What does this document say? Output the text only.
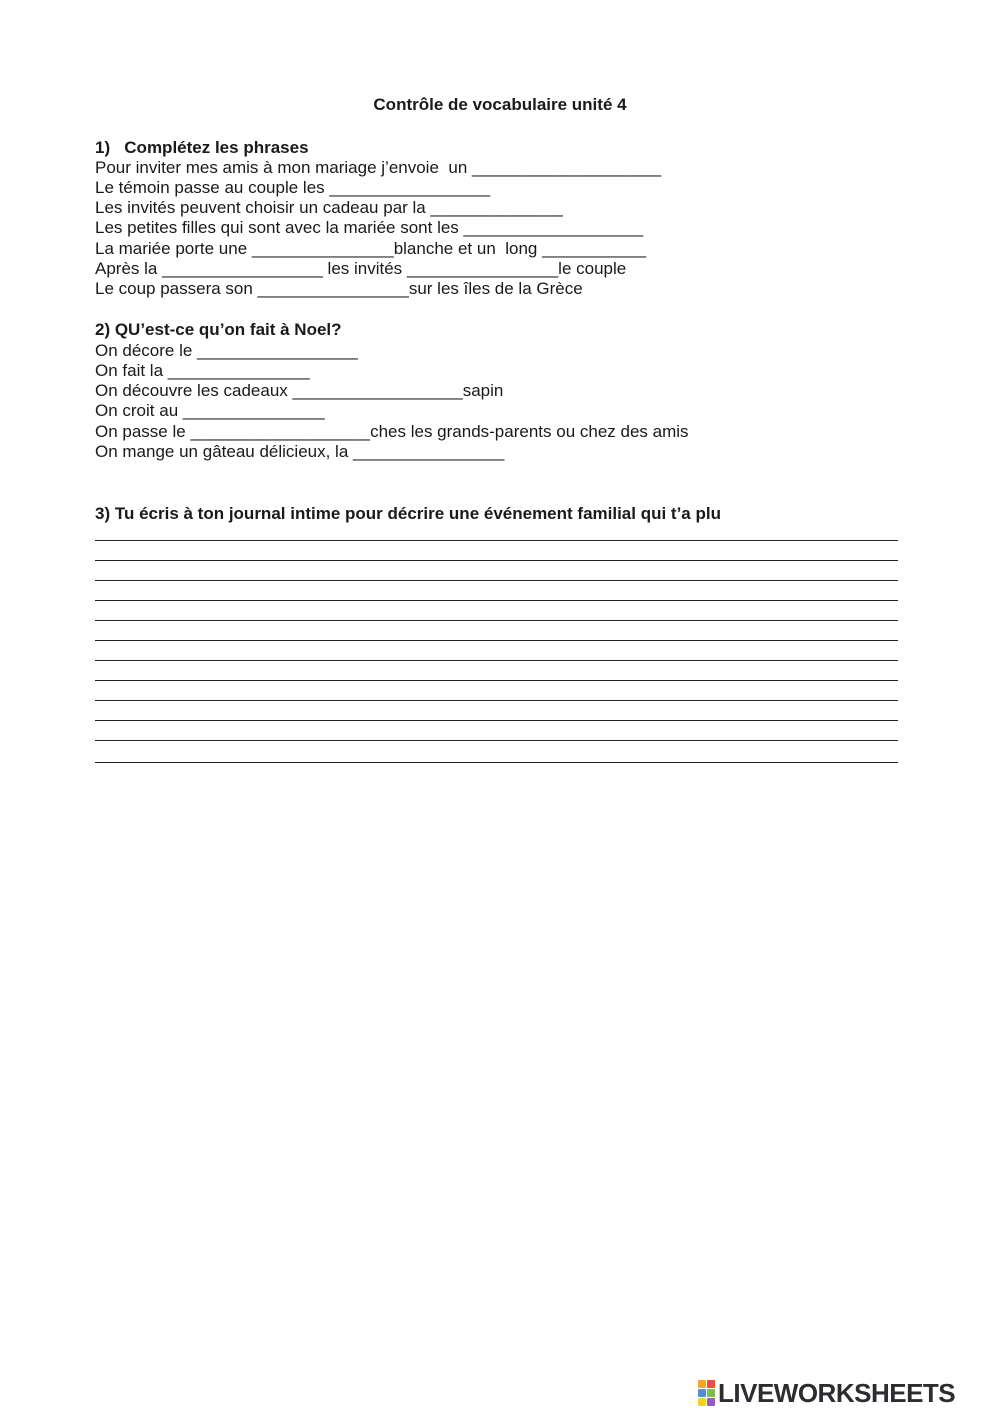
Contrôle de vocabulaire unité 4
1)   Complétez les phrases
Pour inviter mes amis à mon mariage j’envoie  un ____________________
Le témoin passe au couple les _________________
Les invités peuvent choisir un cadeau par la ______________
Les petites filles qui sont avec la mariée sont les ___________________
La mariée porte une _______________blanche et un  long ___________
Après la _________________ les invités ________________le couple
Le coup passera son ________________sur les îles de la Grèce
2) QU’est-ce qu’on fait à Noel?
On décore le _________________
On fait la _______________
On découvre les cadeaux __________________sapin
On croit au _______________
On passe le ___________________ches les grands-parents ou chez des amis
On mange un gâteau délicieux, la ________________
3) Tu écris à ton journal intime pour décrire une événement familial qui t’a plu
LIVEWORKSHEETS
